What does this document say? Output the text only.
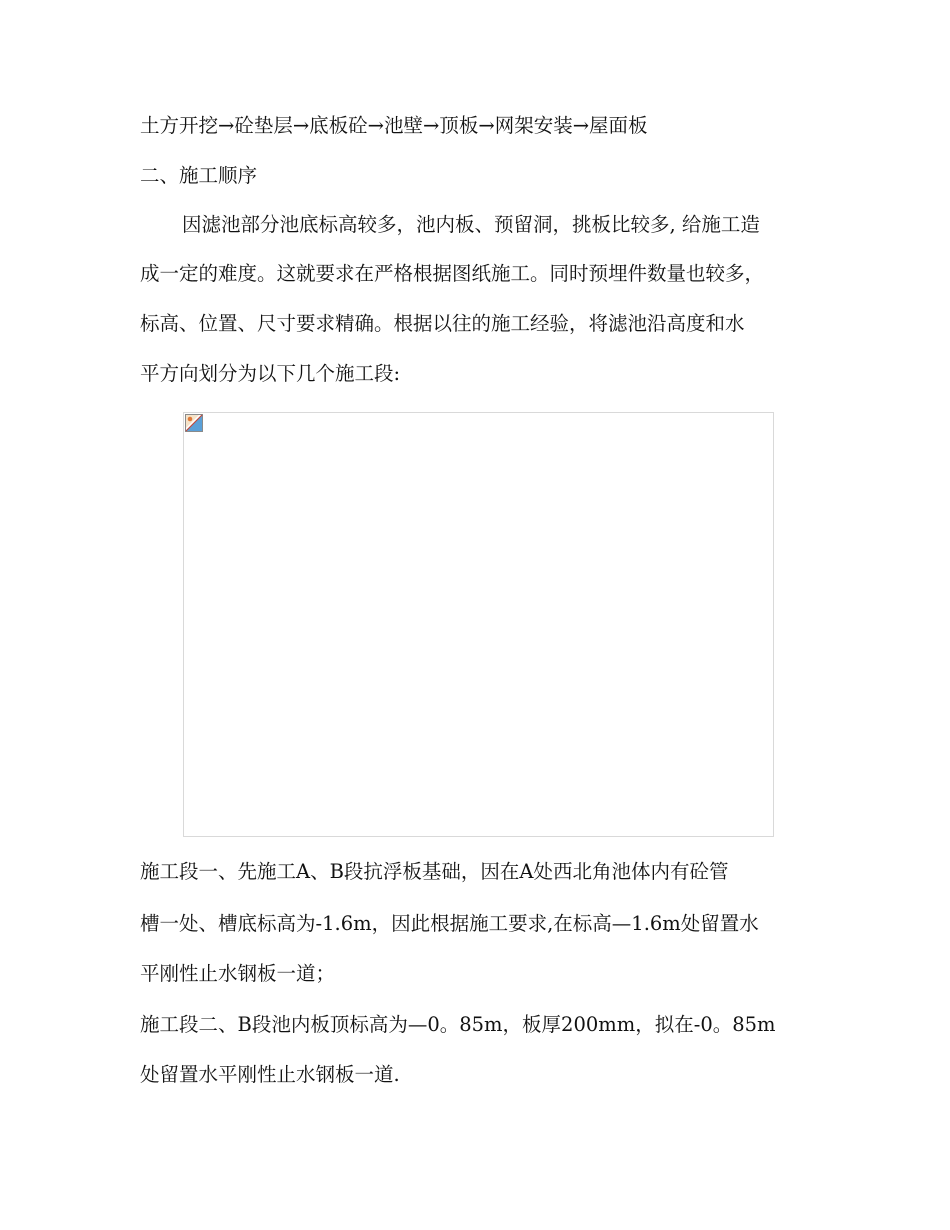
土方开挖→砼垫层→底板砼→池壁→顶板→网架安装→屋面板
二、施工顺序
因滤池部分池底标高较多，池内板、预留洞，挑板比较多, 给施工造
成一定的难度。这就要求在严格根据图纸施工。同时预埋件数量也较多，
标高、位置、尺寸要求精确。根据以往的施工经验，将滤池沿高度和水
平方向划分为以下几个施工段:
施工段一、先施工A、B段抗浮板基础，因在A处西北角池体内有砼管
槽一处、槽底标高为-1.6m，因此根据施工要求,在标高—1.6m处留置水
平刚性止水钢板一道；
施工段二、B段池内板顶标高为—0。85m，板厚200mm，拟在-0。85m
处留置水平刚性止水钢板一道.
